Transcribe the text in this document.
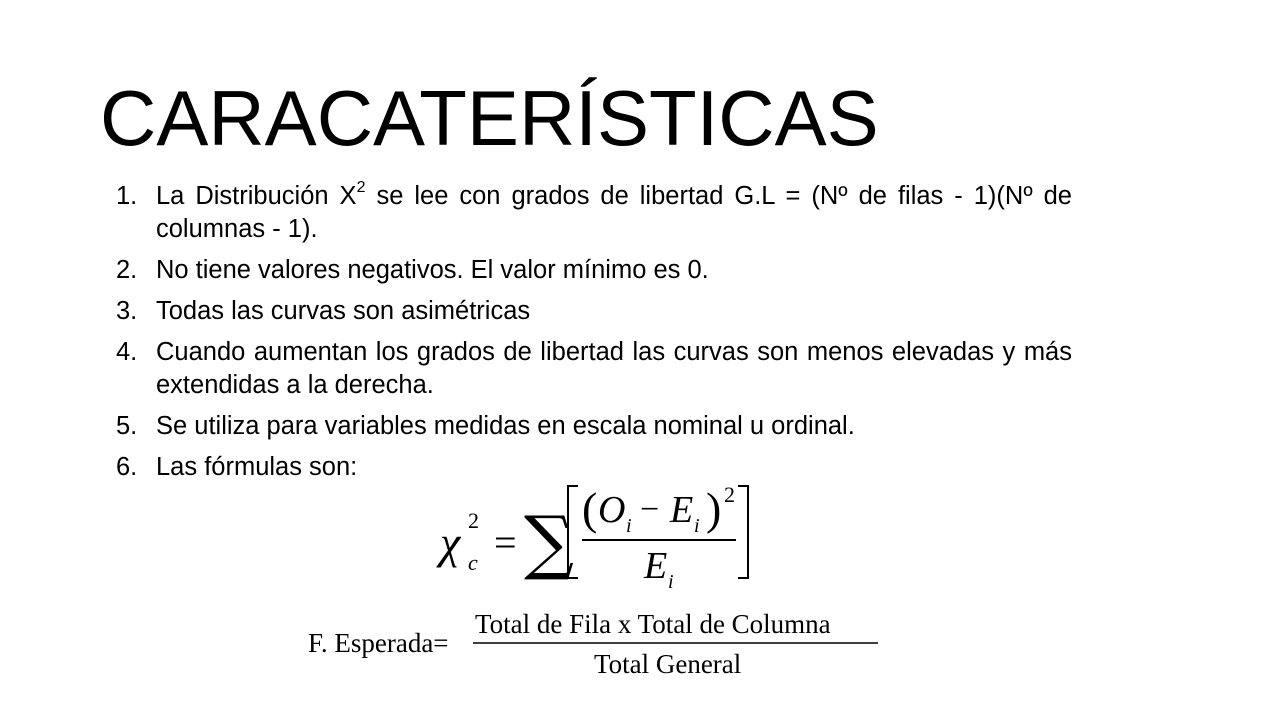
CARACATERÍSTICAS
1. La Distribución $X^2$ se lee con grados de libertad G.L = (Nº de filas - 1)(Nº de columnas - 1).
2. No tiene valores negativos. El valor mínimo es 0.
3. Todas las curvas son asimétricas
4. Cuando aumentan los grados de libertad las curvas son menos elevadas y más extendidas a la derecha.
5. Se utiliza para variables medidas en escala nominal u ordinal.
6. Las fórmulas son:
χ 2
c = ∑ ( O i − E i ) 2
E i
F. Esperada=
Total de Fila x Total de Columna
Total General
